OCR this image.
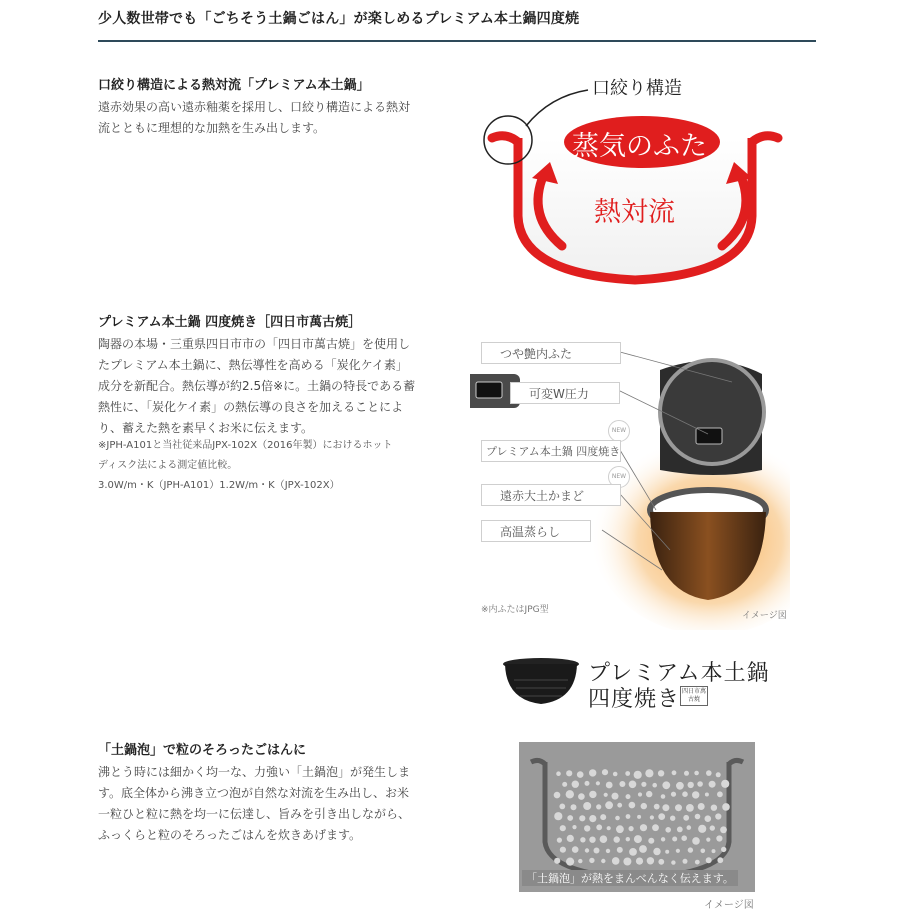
少人数世帯でも「ごちそう土鍋ごはん」が楽しめるプレミアム本土鍋四度焼
口絞り構造による熱対流「プレミアム本土鍋」
遠赤効果の高い遠赤釉薬を採用し、口絞り構造による熱対
流とともに理想的な加熱を生み出します。
口絞り構造
蒸気のふた
熱対流
プレミアム本土鍋 四度焼き［四日市萬古焼］
陶器の本場・三重県四日市市の「四日市萬古焼」を使用し
たプレミアム本土鍋に、熱伝導性を高める「炭化ケイ素」
成分を新配合。熱伝導が約2.5倍※に。土鍋の特長である蓄
熱性に、「炭化ケイ素」の熱伝導の良さを加えることによ
り、蓄えた熱を素早くお米に伝えます。
※JPH-A101と当社従来品JPX-102X（2016年製）におけるホット
ディスク法による測定値比較。
3.0W/m・K（JPH-A101）1.2W/m・K（JPX-102X）
つや艶内ふた
可変W圧力
NEW
プレミアム本土鍋 四度焼き
NEW
遠赤大土かまど
高温蒸らし
※内ふたはJPG型
イメージ図
プレミアム本土鍋
四度焼き 四日市萬古焼
「土鍋泡」で粒のそろったごはんに
沸とう時には細かく均一な、力強い「土鍋泡」が発生しま
す。底全体から沸き立つ泡が自然な対流を生み出し、お米
一粒ひと粒に熱を均一に伝達し、旨みを引き出しながら、
ふっくらと粒のそろったごはんを炊きあげます。
「土鍋泡」が熱をまんべんなく伝えます。
イメージ図
